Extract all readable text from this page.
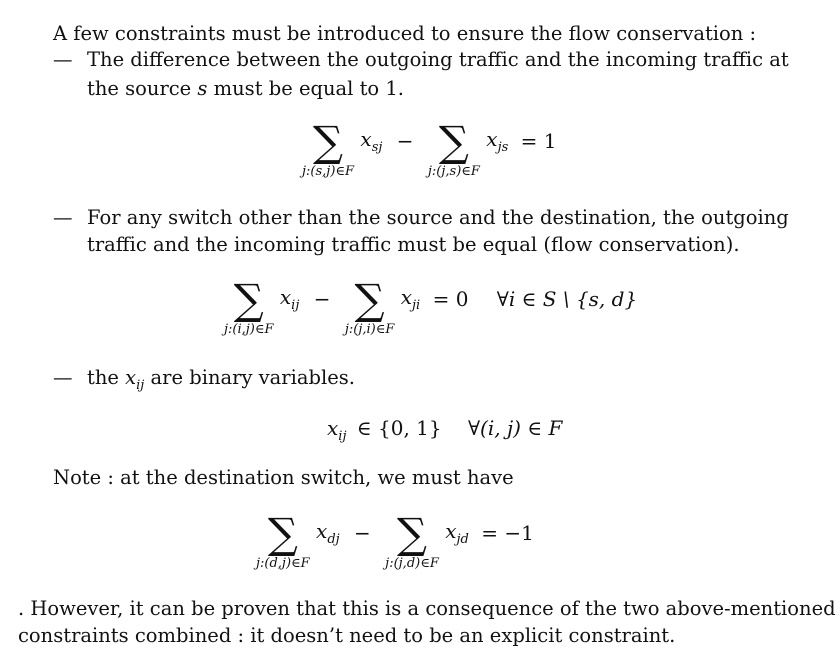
A few constraints must be introduced to ensure the flow conservation :
— The difference between the outgoing traffic and the incoming traffic at
the source s must be equal to 1.
∑
j:(s,j)∈F
$x_{sj}$ − ∑
j:(j,s)∈F
$x_{js} = 1$
— For any switch other than the source and the destination, the outgoing
traffic and the incoming traffic must be equal (flow conservation).
∑
j:(i,j)∈F
$x_{ij}$ − ∑
j:(j,i)∈F
$x_{ji} = 0$ ∀i ∈ S \ {s, d}
— the $x_{ij}$ are binary variables.
$x_{ij}$ ∈ {0, 1} ∀(i, j) ∈ F
Note : at the destination switch, we must have
∑
j:(d,j)∈F
$x_{dj}$ − ∑
j:(j,d)∈F
$x_{jd} = -1$
. However, it can be proven that this is a consequence of the two above-mentioned
constraints combined : it doesn’t need to be an explicit constraint.
